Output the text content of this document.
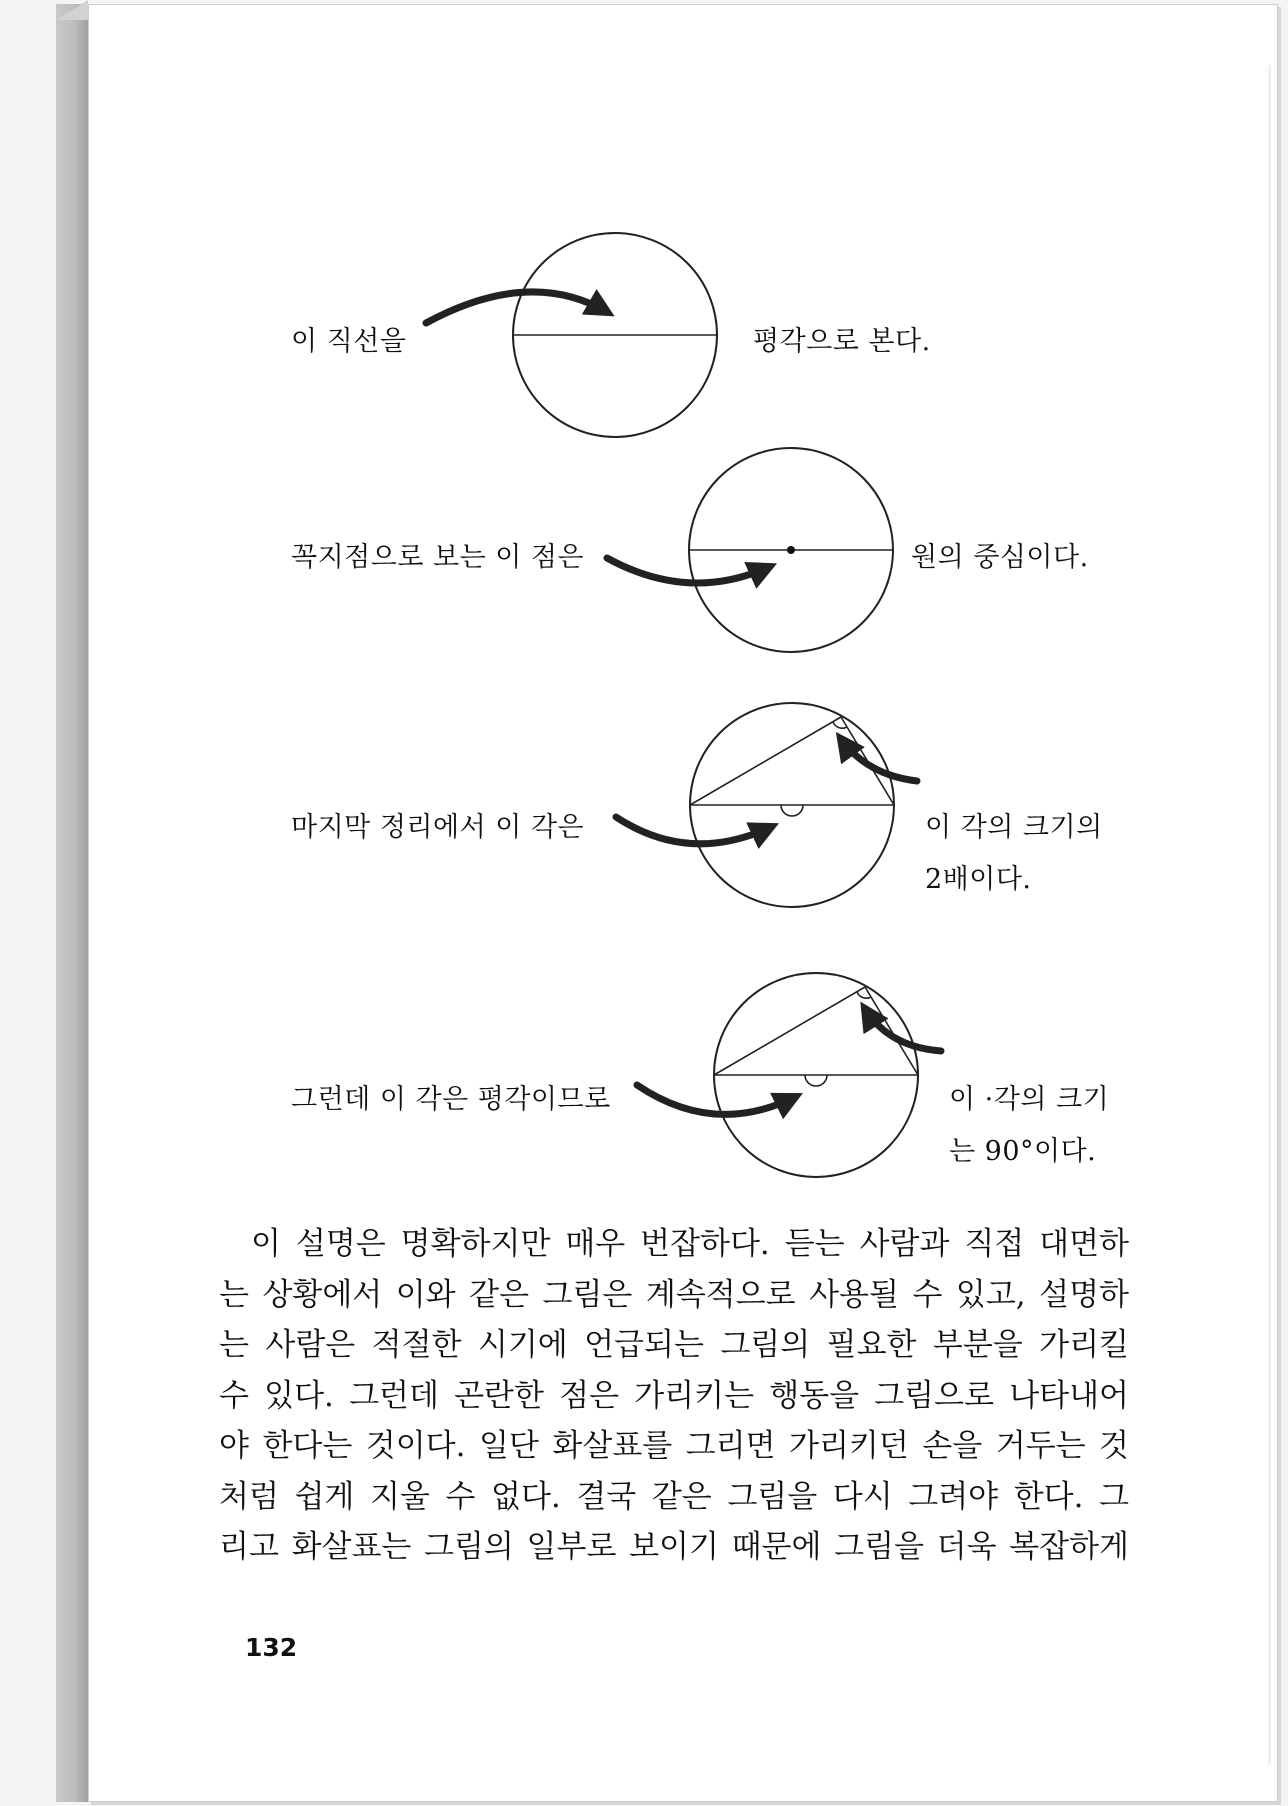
이 직선을	평각으로 본다.
꼭지점으로 보는 이 점은	원의 중심이다.
마지막 정리에서 이 각은	이 각의 크기의
2배이다.
그런데 이 각은 평각이므로	이 ·각의 크기
는 90°이다.

이 설명은 명확하지만 매우 번잡하다. 듣는 사람과 직접 대면하
는 상황에서 이와 같은 그림은 계속적으로 사용될 수 있고, 설명하
는 사람은 적절한 시기에 언급되는 그림의 필요한 부분을 가리킬
수 있다. 그런데 곤란한 점은 가리키는 행동을 그림으로 나타내어
야 한다는 것이다. 일단 화살표를 그리면 가리키던 손을 거두는 것
처럼 쉽게 지울 수 없다. 결국 같은 그림을 다시 그려야 한다. 그
리고 화살표는 그림의 일부로 보이기 때문에 그림을 더욱 복잡하게

132
